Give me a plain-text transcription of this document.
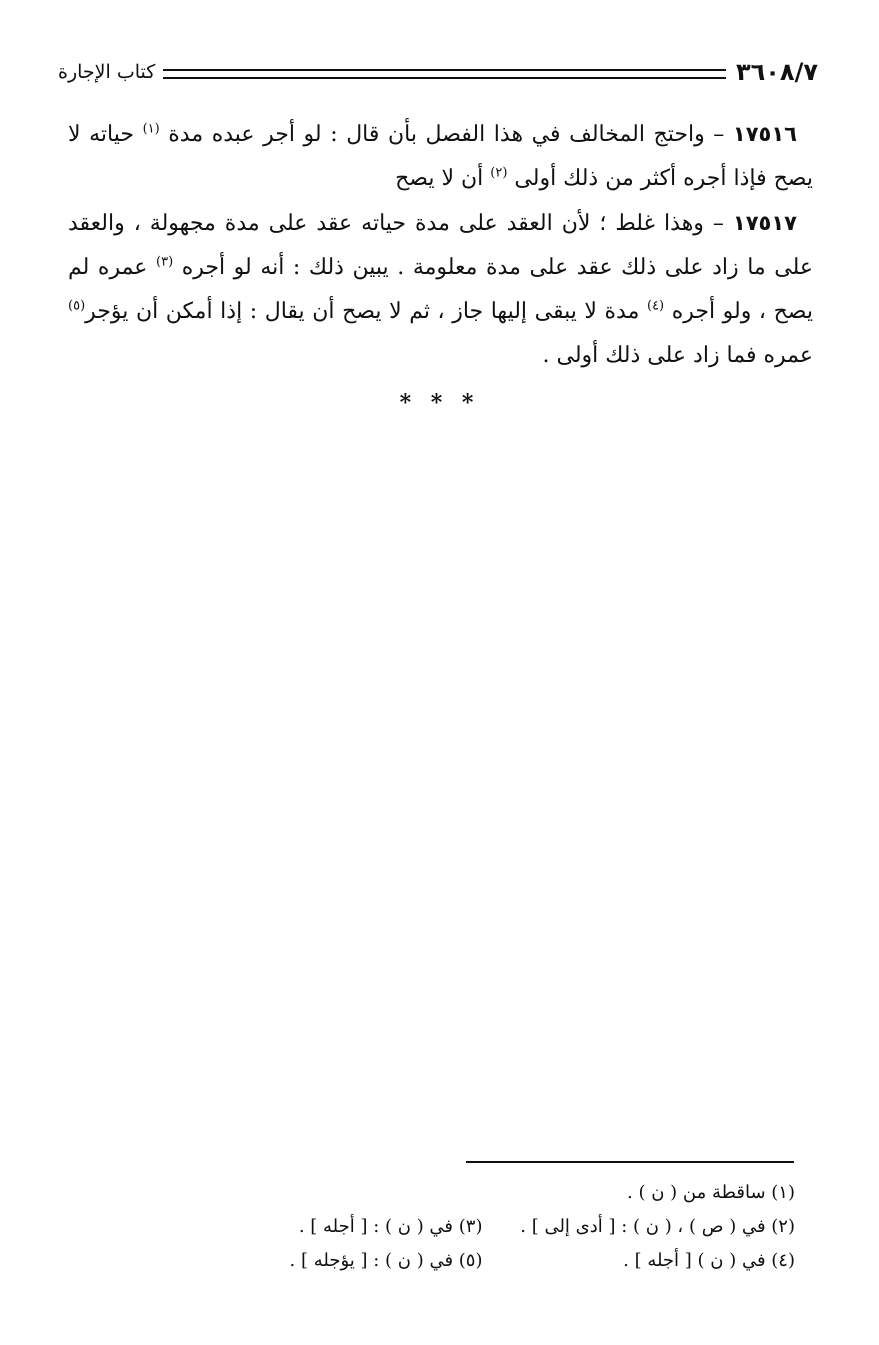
٣٦٠٨/٧
كتاب الإجارة

١٧٥١٦ – واحتج المخالف في هذا الفصل بأن قال : لو أجر عبده مدة $^{(١)}$ حياته لا يصح فإذا أجره أكثر من ذلك أولى $^{(٢)}$ أن لا يصح

١٧٥١٧ – وهذا غلط ؛ لأن العقد على مدة حياته عقد على مدة مجهولة ، والعقد على ما زاد على ذلك عقد على مدة معلومة . يبين ذلك : أنه لو أجره $^{(٣)}$ عمره لم يصح ، ولو أجره $^{(٤)}$ مدة لا يبقى إليها جاز ، ثم لا يصح أن يقال : إذا أمكن أن يؤجر$^{(٥)}$ عمره فما زاد على ذلك أولى .

* * *
(١) ساقطة من ( ن ) .
(٢) في ( ص ) ، ( ن ) : [ أدى إلى ] .
(٣) في ( ن ) : [ أجله ] .
(٤) في ( ن ) [ أجله ] .
(٥) في ( ن ) : [ يؤجله ] .
